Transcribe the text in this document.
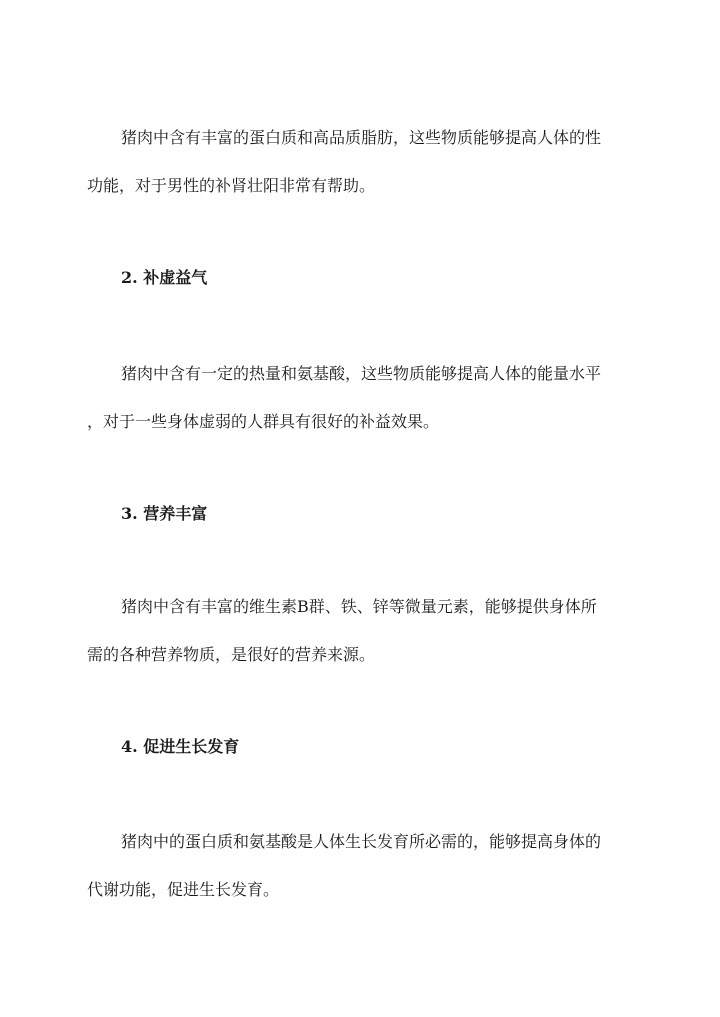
猪肉中含有丰富的蛋白质和高品质脂肪，这些物质能够提高人体的性
功能，对于男性的补肾壮阳非常有帮助。

2. 补虚益气

猪肉中含有一定的热量和氨基酸，这些物质能够提高人体的能量水平
，对于一些身体虚弱的人群具有很好的补益效果。

3. 营养丰富

猪肉中含有丰富的维生素B群、铁、锌等微量元素，能够提供身体所
需的各种营养物质，是很好的营养来源。

4. 促进生长发育

猪肉中的蛋白质和氨基酸是人体生长发育所必需的，能够提高身体的
代谢功能，促进生长发育。
